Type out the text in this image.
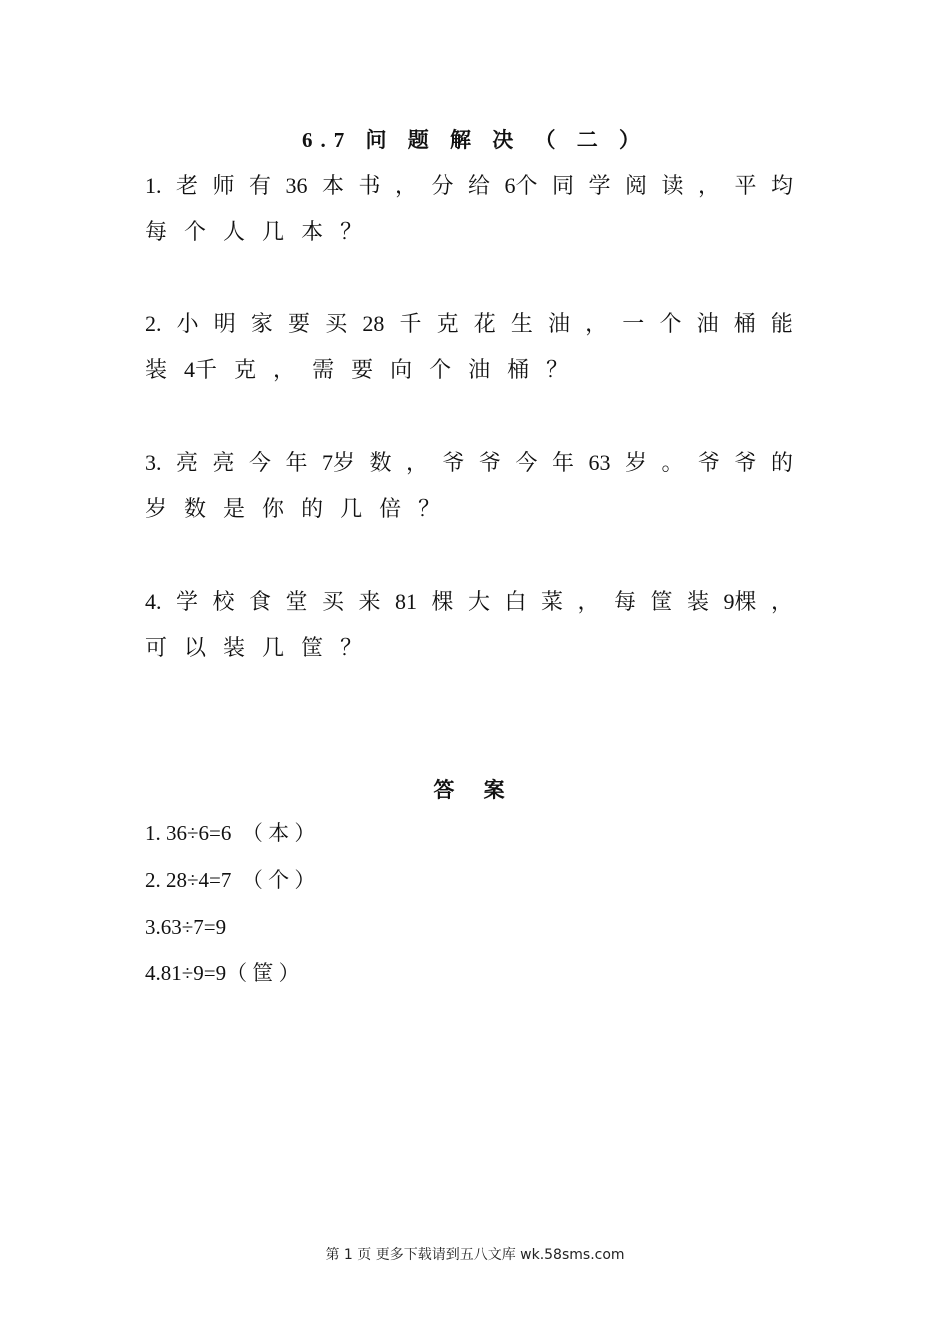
6.7 问 题 解 决 （ 二 ）
1. 老 师 有 36 本 书 ， 分 给 6个 同 学 阅 读 ， 平 均
每 个 人 几 本 ？
2. 小 明 家 要 买 28 千 克 花 生 油 ， 一 个 油 桶 能
装 4千 克 ， 需 要 向 个 油 桶 ？
3. 亮 亮 今 年 7岁 数 ， 爷 爷 今 年 63 岁 。 爷 爷 的
岁 数 是 你 的 几 倍 ？
4. 学 校 食 堂 买 来 81 棵 大 白 菜 ， 每 筐 装 9棵 ，
可 以 装 几 筐 ？
答 案
1. 36÷6=6  （ 本 ）
2. 28÷4=7  （ 个 ）
3.63÷7=9
4.81÷9=9（ 筐 ）
第 1 页 更多下载请到五八文库 wk.58sms.com
